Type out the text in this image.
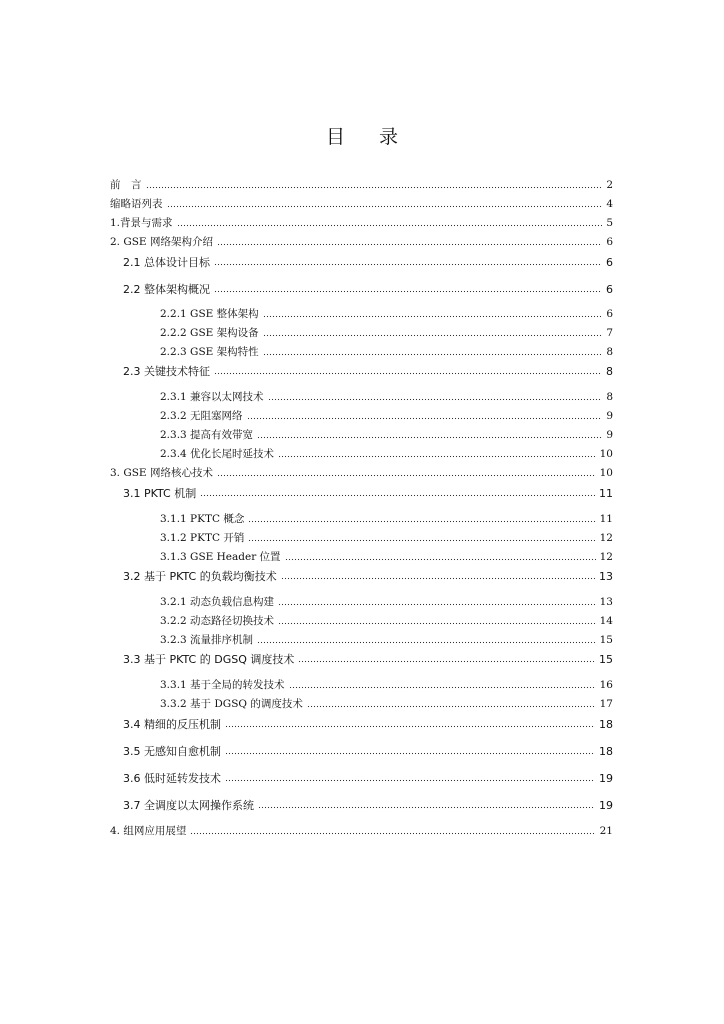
目 录
前　言	2
缩略语列表	4
1.背景与需求	5
2. GSE 网络架构介绍	6
2.1 总体设计目标	6
2.2 整体架构概况	6
2.2.1 GSE 整体架构	6
2.2.2 GSE 架构设备	7
2.2.3 GSE 架构特性	8
2.3 关键技术特征	8
2.3.1 兼容以太网技术	8
2.3.2 无阻塞网络	9
2.3.3 提高有效带宽	9
2.3.4 优化长尾时延技术	10
3. GSE 网络核心技术	10
3.1 PKTC 机制	11
3.1.1 PKTC 概念	11
3.1.2 PKTC 开销	12
3.1.3 GSE Header 位置	12
3.2 基于 PKTC 的负载均衡技术	13
3.2.1 动态负载信息构建	13
3.2.2 动态路径切换技术	14
3.2.3 流量排序机制	15
3.3 基于 PKTC 的 DGSQ 调度技术	15
3.3.1 基于全局的转发技术	16
3.3.2 基于 DGSQ 的调度技术	17
3.4 精细的反压机制	18
3.5 无感知自愈机制	18
3.6 低时延转发技术	19
3.7 全调度以太网操作系统	19
4. 组网应用展望	21
